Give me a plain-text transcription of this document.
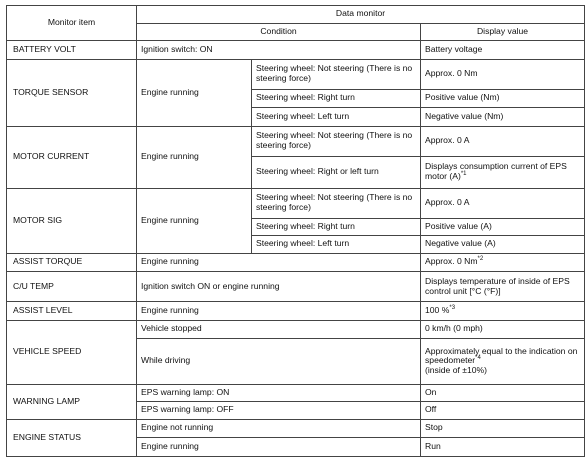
Monitor item	Data monitor		
	Condition		Display value
BATTERY VOLT	Ignition switch: ON		Battery voltage
TORQUE SENSOR	Engine running	Steering wheel: Not steering (There is no steering force)	Approx. 0 Nm
		Steering wheel: Right turn	Positive value (Nm)
		Steering wheel: Left turn	Negative value (Nm)
MOTOR CURRENT	Engine running	Steering wheel: Not steering (There is no steering force)	Approx. 0 A
		Steering wheel: Right or left turn	Displays consumption current of EPS motor $(A)^{*1}$
MOTOR SIG	Engine running	Steering wheel: Not steering (There is no steering force)	Approx. 0 A
		Steering wheel: Right turn	Positive value (A)
		Steering wheel: Left turn	Negative value (A)
ASSIST TORQUE	Engine running		Approx. 0 Nm$^{*2}$
C/U TEMP	Ignition switch ON or engine running		Displays temperature of inside of EPS control unit [°C (°F)]
ASSIST LEVEL	Engine running		100 %$^{*3}$
VEHICLE SPEED	Vehicle stopped		0 km/h (0 mph)
	While driving		Approximately equal to the indication on speedometer$^{*4}$
(inside of ±10%)
WARNING LAMP	EPS warning lamp: ON		On
	EPS warning lamp: OFF		Off
ENGINE STATUS	Engine not running		Stop
	Engine running		Run
